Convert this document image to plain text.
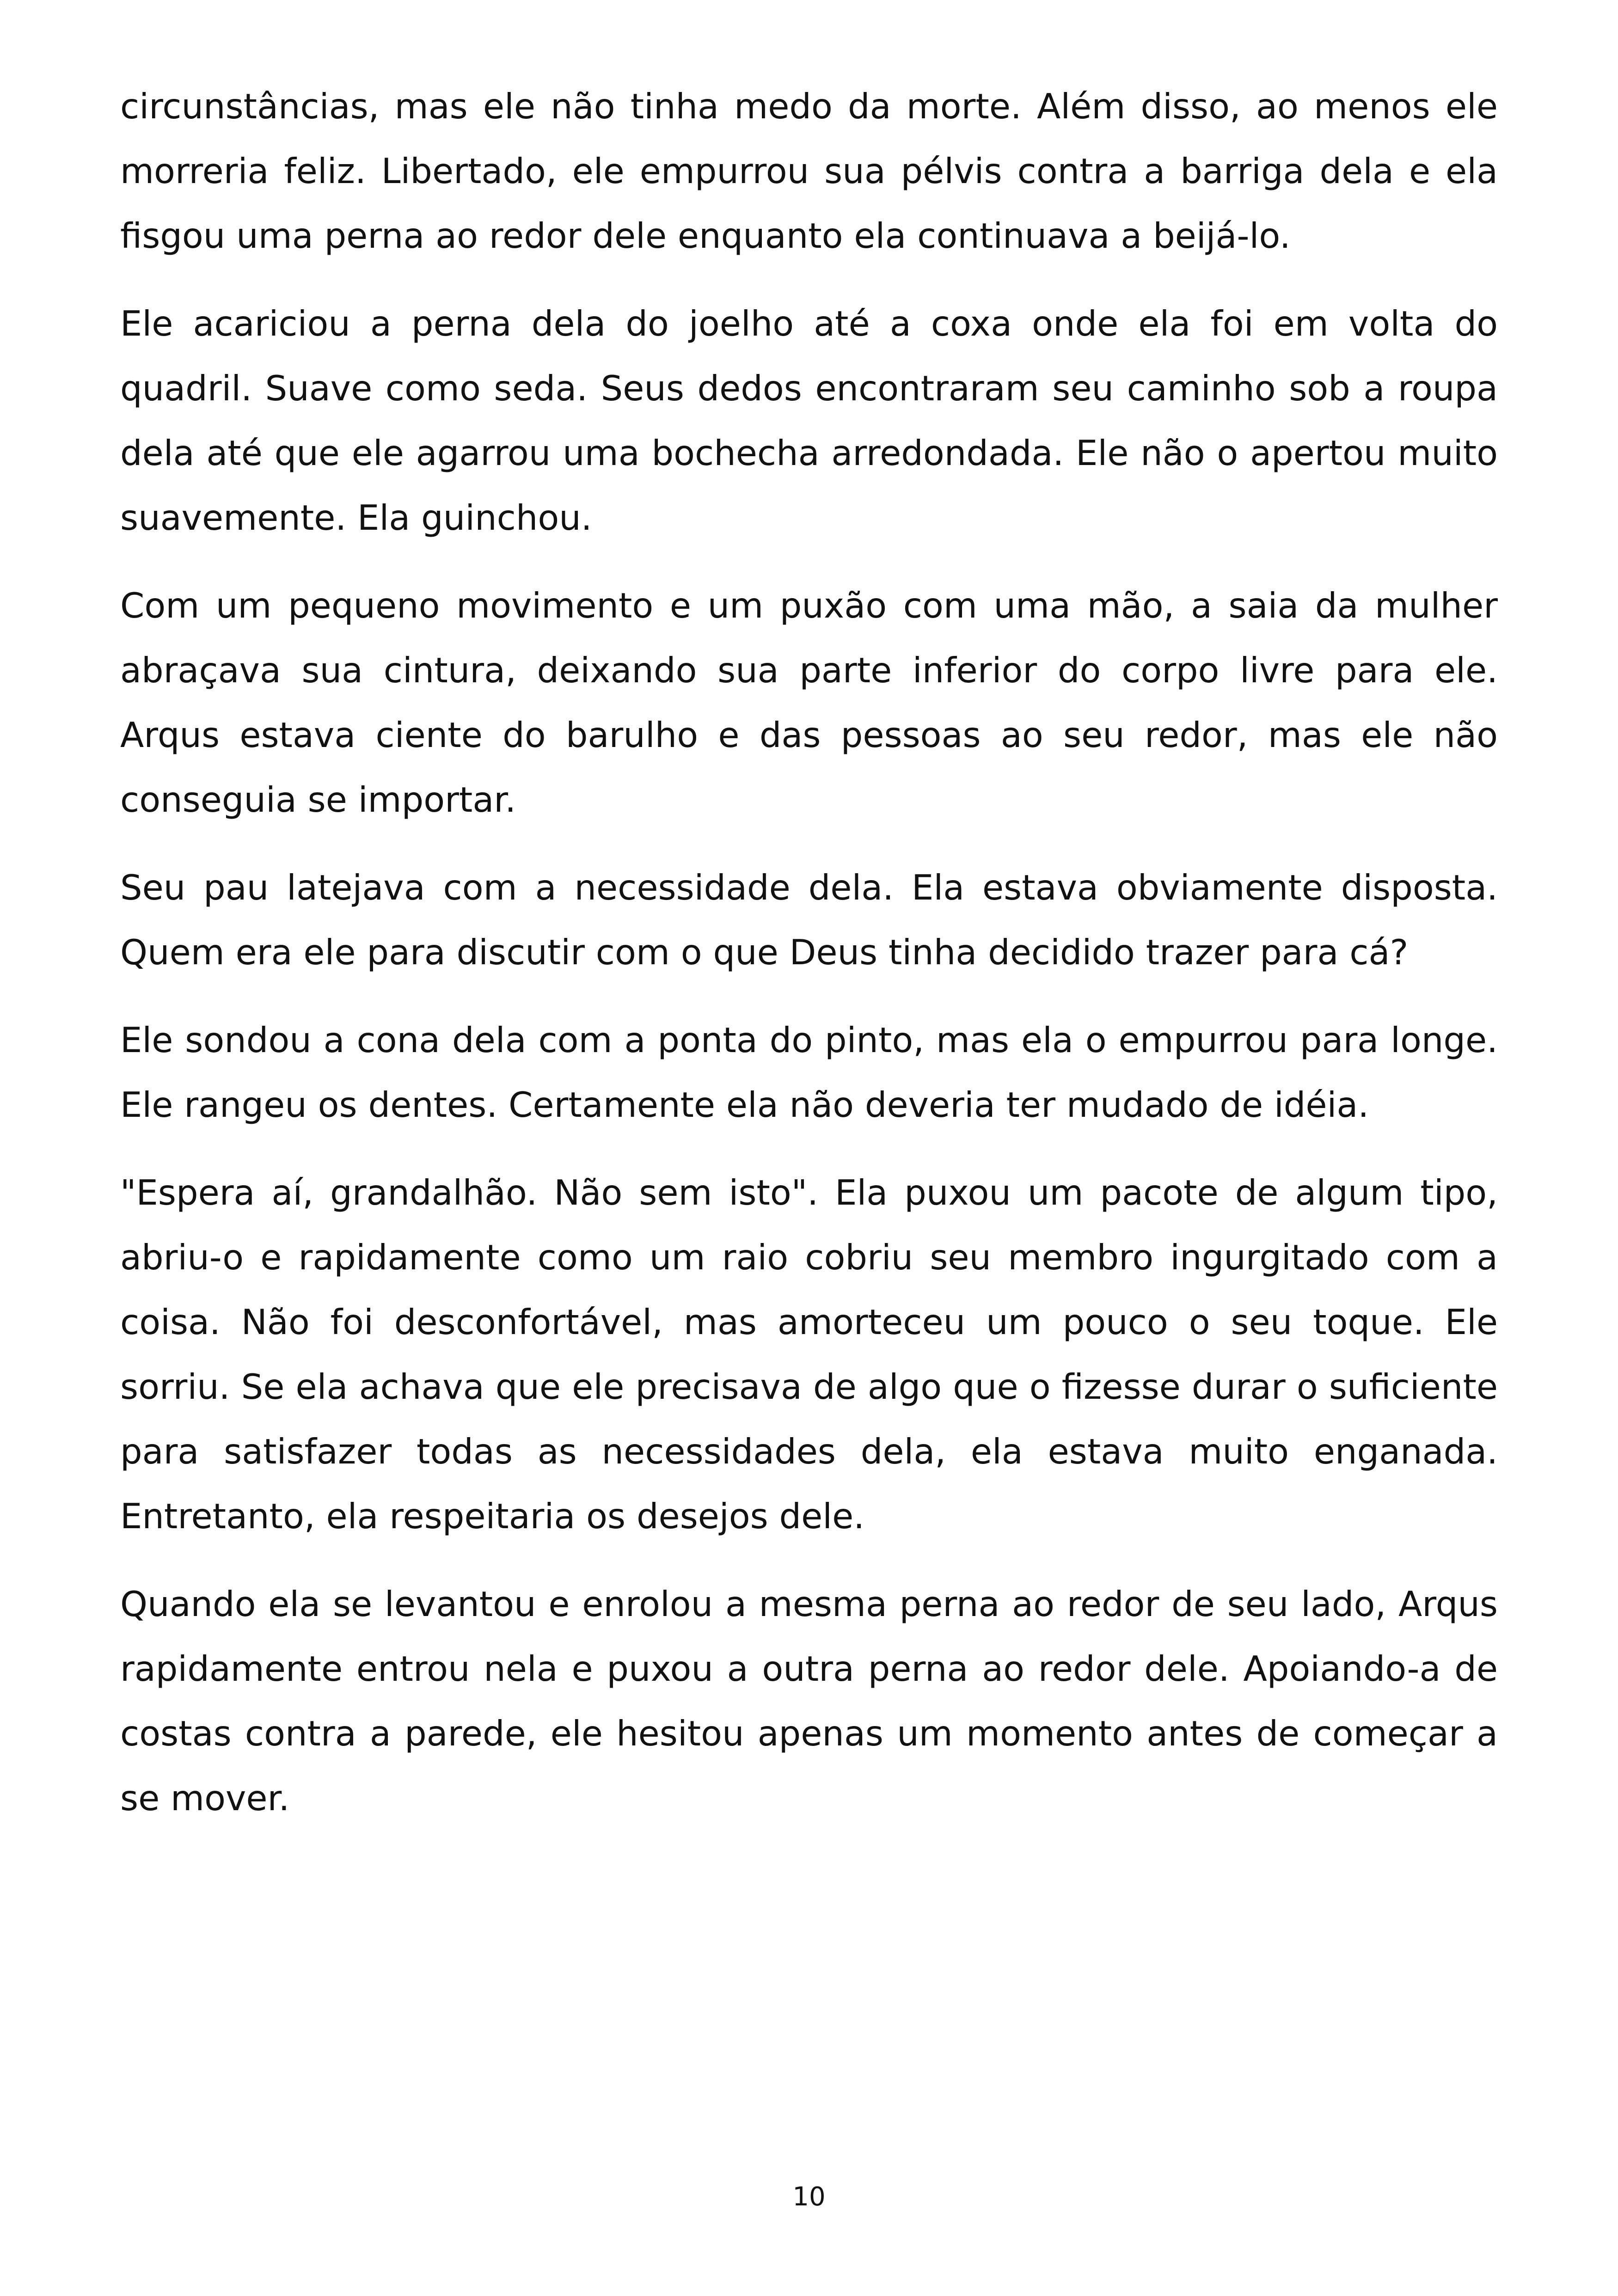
circunstâncias, mas ele não tinha medo da morte. Além disso, ao menos ele morreria feliz. Libertado, ele empurrou sua pélvis contra a barriga dela e ela fisgou uma perna ao redor dele enquanto ela continuava a beijá-lo.

Ele acariciou a perna dela do joelho até a coxa onde ela foi em volta do quadril. Suave como seda. Seus dedos encontraram seu caminho sob a roupa dela até que ele agarrou uma bochecha arredondada. Ele não o apertou muito suavemente. Ela guinchou.

Com um pequeno movimento e um puxão com uma mão, a saia da mulher abraçava sua cintura, deixando sua parte inferior do corpo livre para ele. Arqus estava ciente do barulho e das pessoas ao seu redor, mas ele não conseguia se importar.

Seu pau latejava com a necessidade dela. Ela estava obviamente disposta. Quem era ele para discutir com o que Deus tinha decidido trazer para cá?

Ele sondou a cona dela com a ponta do pinto, mas ela o empurrou para longe. Ele rangeu os dentes. Certamente ela não deveria ter mudado de idéia.

"Espera aí, grandalhão. Não sem isto". Ela puxou um pacote de algum tipo, abriu-o e rapidamente como um raio cobriu seu membro ingurgitado com a coisa. Não foi desconfortável, mas amorteceu um pouco o seu toque. Ele sorriu. Se ela achava que ele precisava de algo que o fizesse durar o suficiente para satisfazer todas as necessidades dela, ela estava muito enganada. Entretanto, ela respeitaria os desejos dele.

Quando ela se levantou e enrolou a mesma perna ao redor de seu lado, Arqus rapidamente entrou nela e puxou a outra perna ao redor dele. Apoiando-a de costas contra a parede, ele hesitou apenas um momento antes de começar a se mover.

10
